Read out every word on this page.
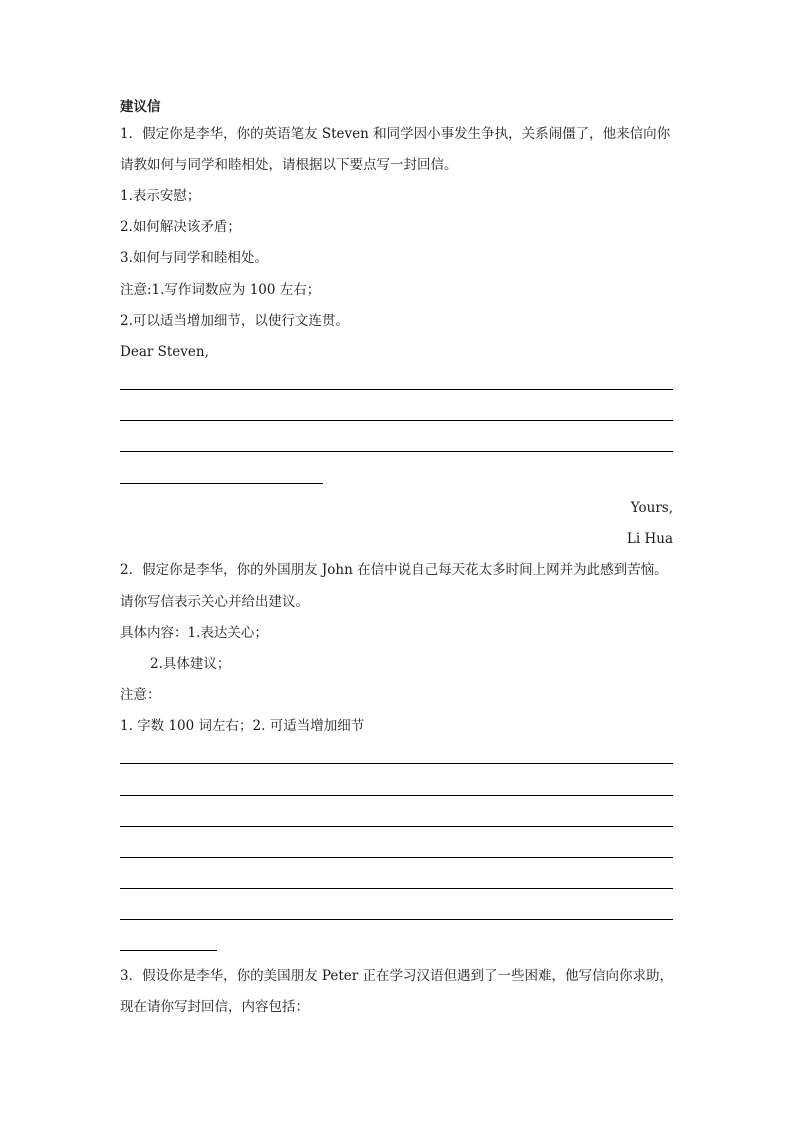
建议信
1．假定你是李华，你的英语笔友 Steven 和同学因小事发生争执，关系闹僵了，他来信向你
请教如何与同学和睦相处，请根据以下要点写一封回信。
1.表示安慰；
2.如何解决该矛盾；
3.如何与同学和睦相处。
注意:1.写作词数应为 100 左右；
2.可以适当增加细节，以使行文连贯。
Dear Steven,
Yours,
Li Hua
2．假定你是李华，你的外国朋友 John 在信中说自己每天花太多时间上网并为此感到苦恼。
请你写信表示关心并给出建议。
具体内容：1.表达关心；
2.具体建议；
注意：
1. 字数 100 词左右；2. 可适当增加细节
3．假设你是李华，你的美国朋友 Peter 正在学习汉语但遇到了一些困难，他写信向你求助，
现在请你写封回信，内容包括：
